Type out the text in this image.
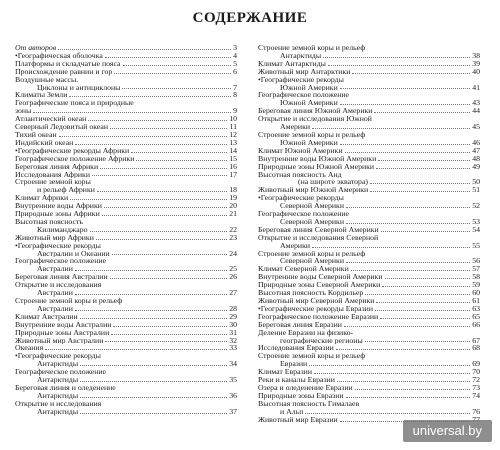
СОДЕРЖАНИЕ
От авторов	3
•Географическая оболочка	4
Платформы и складчатые пояса	5
Происхождение равнин и гор	6
Воздушные массы.
Циклоны и антициклоны	7
Климаты Земли	8
Географические пояса и природные
зоны	9
Атлантический океан	10
Северный Ледовитый океан	11
Тихий океан	12
Индийский океан	13
•Географические рекорды Африки	14
Географическое положение Африки	15
Береговая линия Африки	16
Исследования Африки	17
Строение земной коры
и рельеф Африки	18
Климат Африки	19
Внутренние воды Африки	20
Природные зоны Африки	21
Высотная поясность
Килиманджаро	22
Животный мир Африки	23
•Географические рекорды
Австралии и Океании	24
Географическое положение
Австралии	25
Береговая линия Австралии	26
Открытие и исследования
Австралии	27
Строение земной коры и рельеф
Австралии	28
Климат Австралии	29
Внутренние воды Австралии	30
Природные зоны Австралии	31
Животный мир Австралии	32
Океания	33
•Географические рекорды
Антарктиды	34
Географическое положение
Антарктиды	35
Береговая линия и оледенение
Антарктиды	36
Открытие и исследования
Антарктиды	37
Строение земной коры и рельеф
Антарктиды	38
Климат Антарктиды	39
Животный мир Антарктики	40
•Географические рекорды
Южной Америки	41
Географическое положение
Южной Америки	43
Береговая линия Южной Америки	44
Открытие и исследования Южной
Америки	45
Строение земной коры и рельеф
Южной Америки	46
Климат Южной Америки	47
Внутренние воды Южной Америки	48
Природные зоны Южной Америки	49
Высотная поясность Анд
(на широте экватора)	50
Животный мир Южной Америки	51
•Географические рекорды
Северной Америки	52
Географическое положение
Северной Америки	53
Береговая линия Северной Америки	54
Открытие и исследования Северной
Америки	55
Строение земной коры и рельеф
Северной Америки	56
Климат Северной Америки	57
Внутренние воды Северной Америки	58
Природные зоны Северной Америки	59
Высотная поясность Кордильер	60
Животный мир Северной Америки	61
•Географические рекорды Евразии	63
Географическое положение Евразии	65
Береговая линия Евразии	66
Деление Евразии на физико-
географические регионы	67
Исследования Евразии	68
Строение земной коры и рельеф
Евразии	69
Климат Евразии	70
Реки и каналы Евразии	72
Озера и оледенение Евразии	73
Природные зоны Евразии	74
Высотная поясность Гималаев
и Альп	76
Животный мир Евразии
universal.by
